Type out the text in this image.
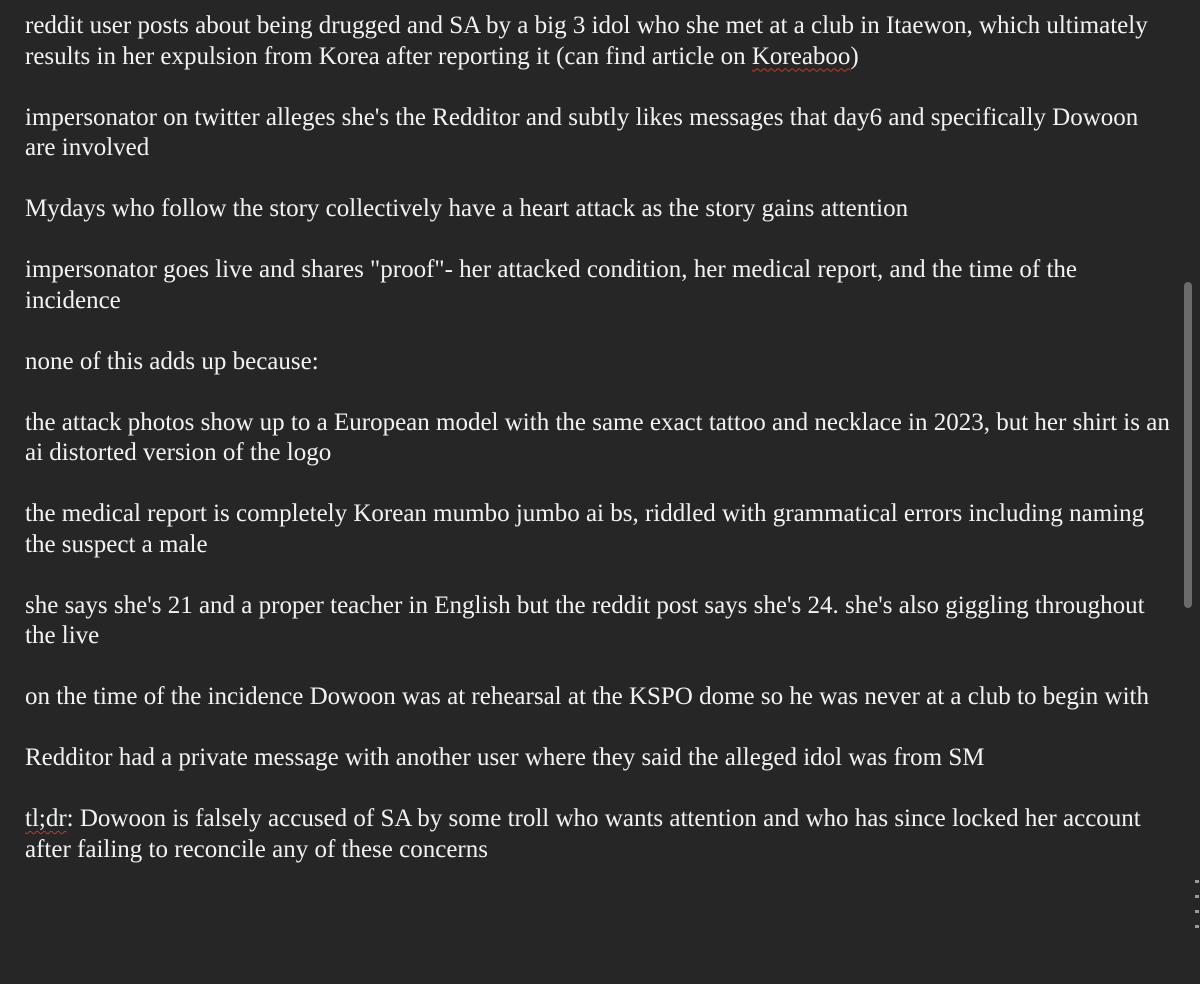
reddit user posts about being drugged and SA by a big 3 idol who she met at a club in Itaewon, which ultimately results in her expulsion from Korea after reporting it (can find article on Koreaboo)

impersonator on twitter alleges she's the Redditor and subtly likes messages that day6 and specifically Dowoon are involved

Mydays who follow the story collectively have a heart attack as the story gains attention

impersonator goes live and shares "proof"- her attacked condition, her medical report, and the time of the incidence

none of this adds up because:

the attack photos show up to a European model with the same exact tattoo and necklace in 2023, but her shirt is an ai distorted version of the logo

the medical report is completely Korean mumbo jumbo ai bs, riddled with grammatical errors including naming the suspect a male

she says she's 21 and a proper teacher in English but the reddit post says she's 24. she's also giggling throughout the live

on the time of the incidence Dowoon was at rehearsal at the KSPO dome so he was never at a club to begin with

Redditor had a private message with another user where they said the alleged idol was from SM

tl;dr: Dowoon is falsely accused of SA by some troll who wants attention and who has since locked her account after failing to reconcile any of these concerns
